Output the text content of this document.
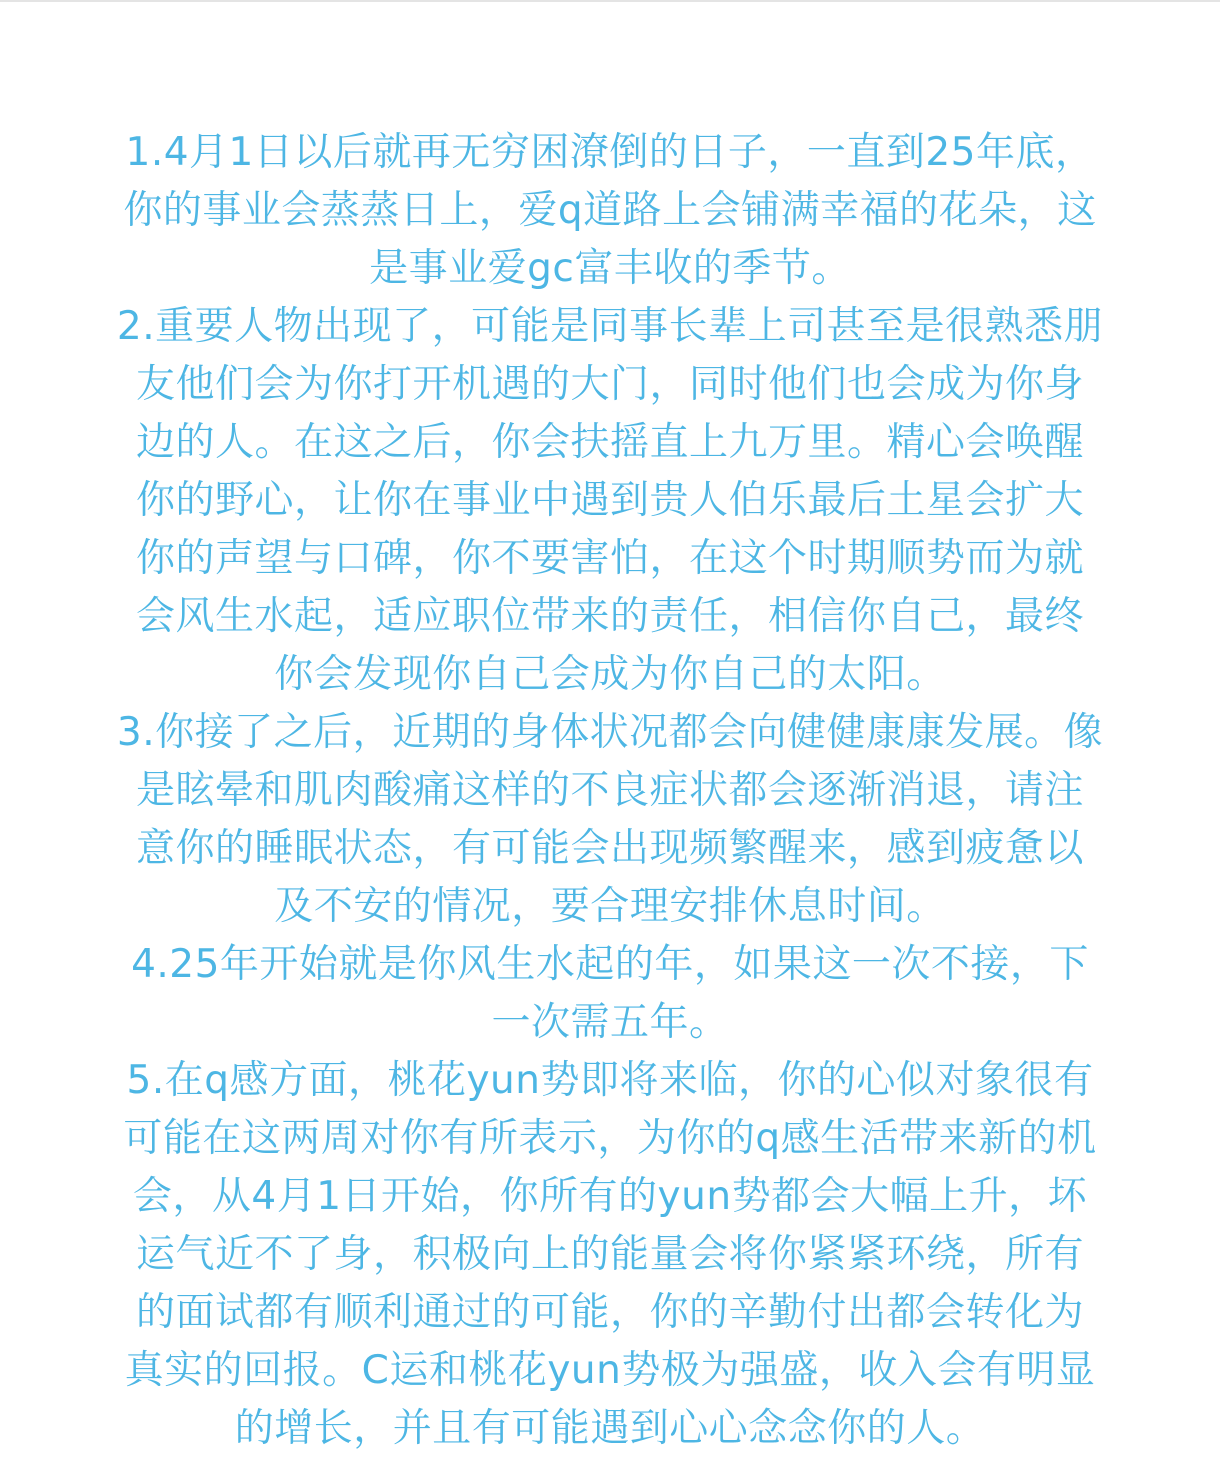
1.4月1日以后就再无穷困潦倒的日子，一直到25年底，
你的事业会蒸蒸日上，爱q道路上会铺满幸福的花朵，这
是事业爱gc富丰收的季节。
2.重要人物出现了，可能是同事长辈上司甚至是很熟悉朋
友他们会为你打开机遇的大门，同时他们也会成为你身
边的人。在这之后，你会扶摇直上九万里。精心会唤醒
你的野心，让你在事业中遇到贵人伯乐最后土星会扩大
你的声望与口碑，你不要害怕，在这个时期顺势而为就
会风生水起，适应职位带来的责任，相信你自己，最终
你会发现你自己会成为你自己的太阳。
3.你接了之后，近期的身体状况都会向健健康康发展。像
是眩晕和肌肉酸痛这样的不良症状都会逐渐消退，请注
意你的睡眠状态，有可能会出现频繁醒来，感到疲惫以
及不安的情况，要合理安排休息时间。
4.25年开始就是你风生水起的年，如果这一次不接，下
一次需五年。
5.在q感方面，桃花yun势即将来临，你的心似对象很有
可能在这两周对你有所表示，为你的q感生活带来新的机
会，从4月1日开始，你所有的yun势都会大幅上升，坏
运气近不了身，积极向上的能量会将你紧紧环绕，所有
的面试都有顺利通过的可能，你的辛勤付出都会转化为
真实的回报。C运和桃花yun势极为强盛，收入会有明显
的增长，并且有可能遇到心心念念你的人。
